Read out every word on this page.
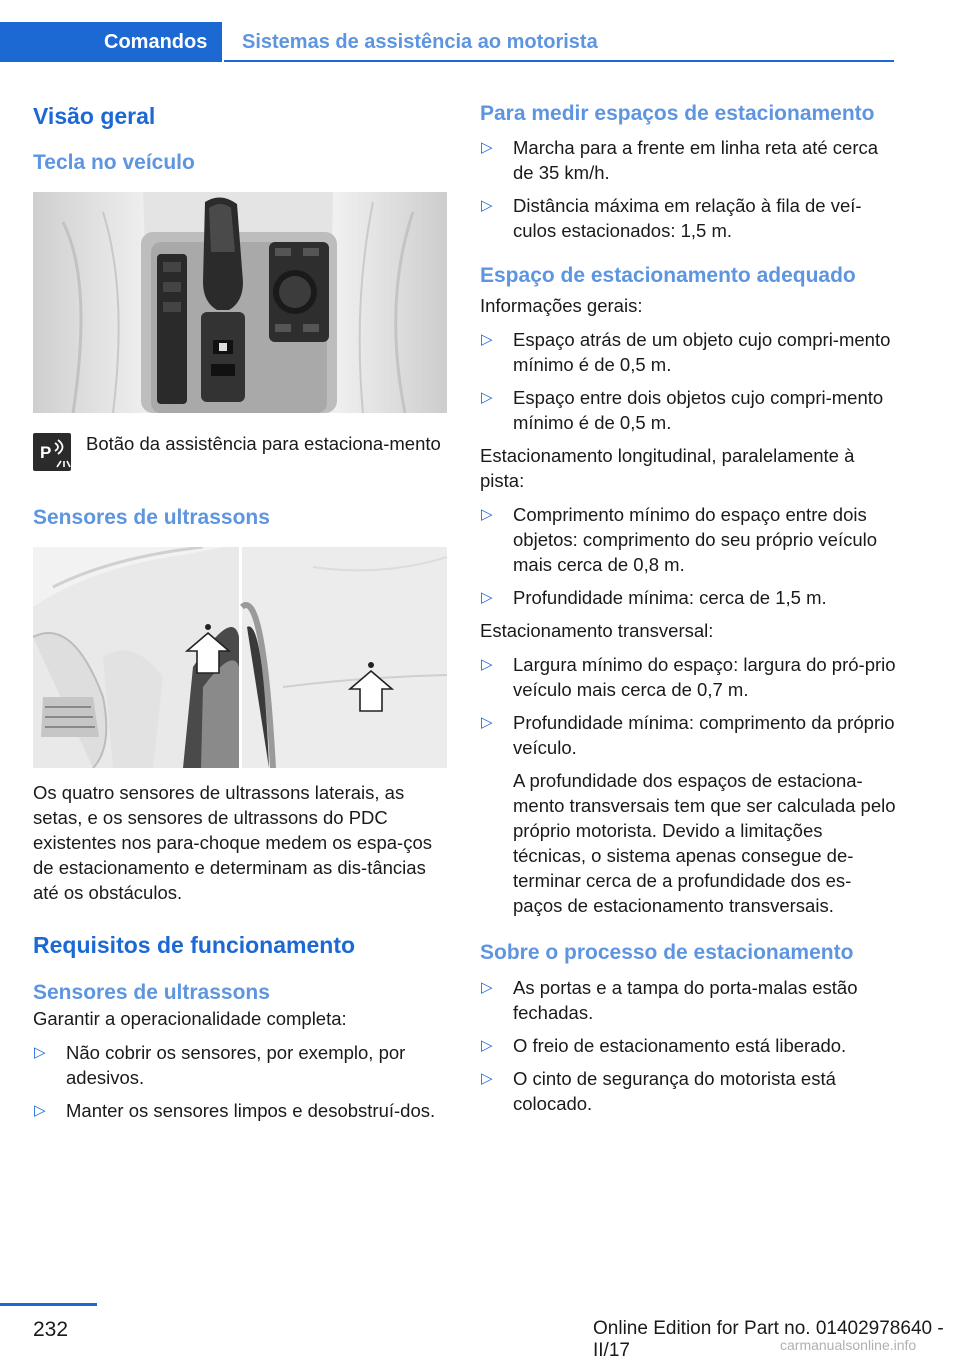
Comandos	Sistemas de assistência ao motorista
Visão geral
Tecla no veículo
P Botão da assistência para estaciona‐mento
Sensores de ultrassons
Os quatro sensores de ultrassons laterais, as setas, e os sensores de ultrassons do PDC existentes nos para-choque medem os espa‐ços de estacionamento e determinam as dis‐tâncias até os obstáculos.
Requisitos de funcionamento
Sensores de ultrassons
Garantir a operacionalidade completa:
▷ Não cobrir os sensores, por exemplo, por adesivos.
▷ Manter os sensores limpos e desobstruí‐dos.
Para medir espaços de estacionamento
▷ Marcha para a frente em linha reta até cerca de 35 km/h.
▷ Distância máxima em relação à fila de veí‐culos estacionados: 1,5 m.
Espaço de estacionamento adequado
Informações gerais:
▷ Espaço atrás de um objeto cujo compri‐mento mínimo é de 0,5 m.
▷ Espaço entre dois objetos cujo compri‐mento mínimo é de 0,5 m.
Estacionamento longitudinal, paralelamente à pista:
▷ Comprimento mínimo do espaço entre dois objetos: comprimento do seu próprio veículo mais cerca de 0,8 m.
▷ Profundidade mínima: cerca de 1,5 m.
Estacionamento transversal:
▷ Largura mínimo do espaço: largura do pró‐prio veículo mais cerca de 0,7 m.
▷ Profundidade mínima: comprimento da próprio veículo.
A profundidade dos espaços de estaciona‐mento transversais tem que ser calculada pelo próprio motorista. Devido a limitações técnicas, o sistema apenas consegue de‐terminar cerca de a profundidade dos es‐paços de estacionamento transversais.
Sobre o processo de estacionamento
▷ As portas e a tampa do porta-malas estão fechadas.
▷ O freio de estacionamento está liberado.
▷ O cinto de segurança do motorista está colocado.
232	Online Edition for Part no. 01402978640 - II/17	carmanualsonline.info
